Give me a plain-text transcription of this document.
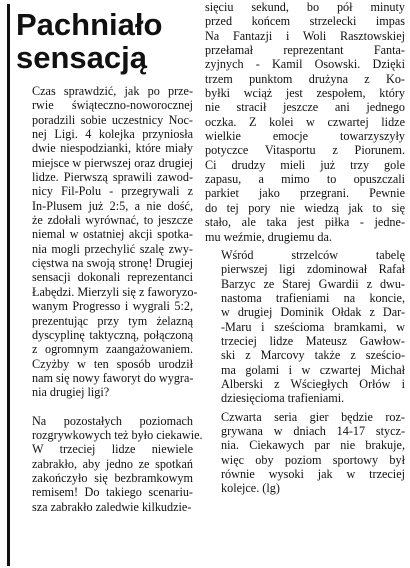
Pachniało
sensacją
Czas sprawdzić, jak po prze-
rwie świąteczno-noworocznej
poradzili sobie uczestnicy Noc-
nej Ligi. 4 kolejka przyniosła
dwie niespodzianki, które miały
miejsce w pierwszej oraz drugiej
lidze. Pierwszą sprawili zawod-
nicy Fil-Polu - przegrywali z
In-Plusem już 2:5, a nie dość,
że zdołali wyrównać, to jeszcze
niemal w ostatniej akcji spotka-
nia mogli przechylić szalę zwy-
cięstwa na swoją stronę! Drugiej
sensacji dokonali reprezentanci
Łabędzi. Mierzyli się z faworyzo-
wanym Progresso i wygrali 5:2,
prezentując przy tym żelazną
dyscyplinę taktyczną, połączoną
z ogromnym zaangażowaniem.
Czyżby w ten sposób urodził
nam się nowy faworyt do wygra-
nia drugiej ligi?
Na pozostałych poziomach
rozgrywkowych też było ciekawie.
W trzeciej lidze niewiele
zabrakło, aby jedno ze spotkań
zakończyło się bezbramkowym
remisem! Do takiego scenariu-
sza zabrakło zaledwie kilkudzie-
sięciu sekund, bo pół minuty
przed końcem strzelecki impas
Na Fantazji i Woli Rasztowskiej
przełamał reprezentant Fanta-
zyjnych - Kamil Osowski. Dzięki
trzem punktom drużyna z Ko-
byłki wciąż jest zespołem, który
nie stracił jeszcze ani jednego
oczka. Z kolei w czwartej lidze
wielkie emocje towarzyszyły
potyczce Vitasportu z Piorunem.
Ci drudzy mieli już trzy gole
zapasu, a mimo to opuszczali
parkiet jako przegrani. Pewnie
do tej pory nie wiedzą jak to się
stało, ale taka jest piłka - jedne-
mu weźmie, drugiemu da.
Wśród strzelców tabelę
pierwszej ligi zdominował Rafał
Barzyc ze Starej Gwardii z dwu-
nastoma trafieniami na koncie,
w drugiej Dominik Ołdak z Dar-
-Maru i sześcioma bramkami, w
trzeciej lidze Mateusz Gawłow-
ski z Marcovy także z sześcio-
ma golami i w czwartej Michał
Alberski z Wściegłych Orłów i
dziesięcioma trafieniami.
Czwarta seria gier będzie roz-
grywana w dniach 14-17 stycz-
nia. Ciekawych par nie brakuje,
więc oby poziom sportowy był
równie wysoki jak w trzeciej
kolejce. (lg)
